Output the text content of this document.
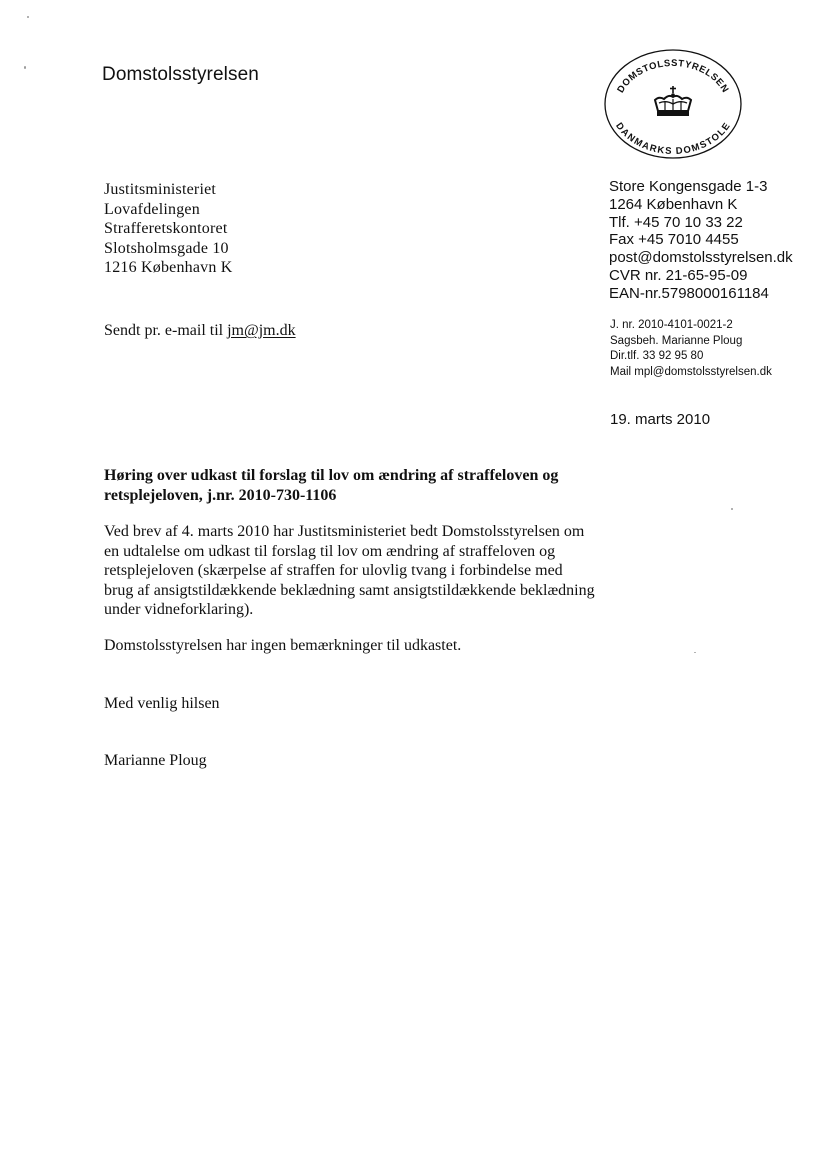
Domstolsstyrelsen
DOMSTOLSSTYRELSEN
DANMARKS DOMSTOLE
Justitsministeriet
Lovafdelingen
Strafferetskontoret
Slotsholmsgade 10
1216 København K
Store Kongensgade 1-3
1264 København K
Tlf. +45 70 10 33 22
Fax +45 7010 4455
post@domstolsstyrelsen.dk
CVR nr. 21-65-95-09
EAN-nr.5798000161184
Sendt pr. e-mail til jm@jm.dk	J. nr. 2010-4101-0021-2
Sagsbeh. Marianne Ploug
Dir.tlf. 33 92 95 80
Mail mpl@domstolsstyrelsen.dk
19. marts 2010
Høring over udkast til forslag til lov om ændring af straffeloven og
retsplejeloven, j.nr. 2010-730-1106
Ved brev af 4. marts 2010 har Justitsministeriet bedt Domstolsstyrelsen om
en udtalelse om udkast til forslag til lov om ændring af straffeloven og
retsplejeloven (skærpelse af straffen for ulovlig tvang i forbindelse med
brug af ansigtstildækkende beklædning samt ansigtstildækkende beklædning
under vidneforklaring).
Domstolsstyrelsen har ingen bemærkninger til udkastet.
Med venlig hilsen
Marianne Ploug
